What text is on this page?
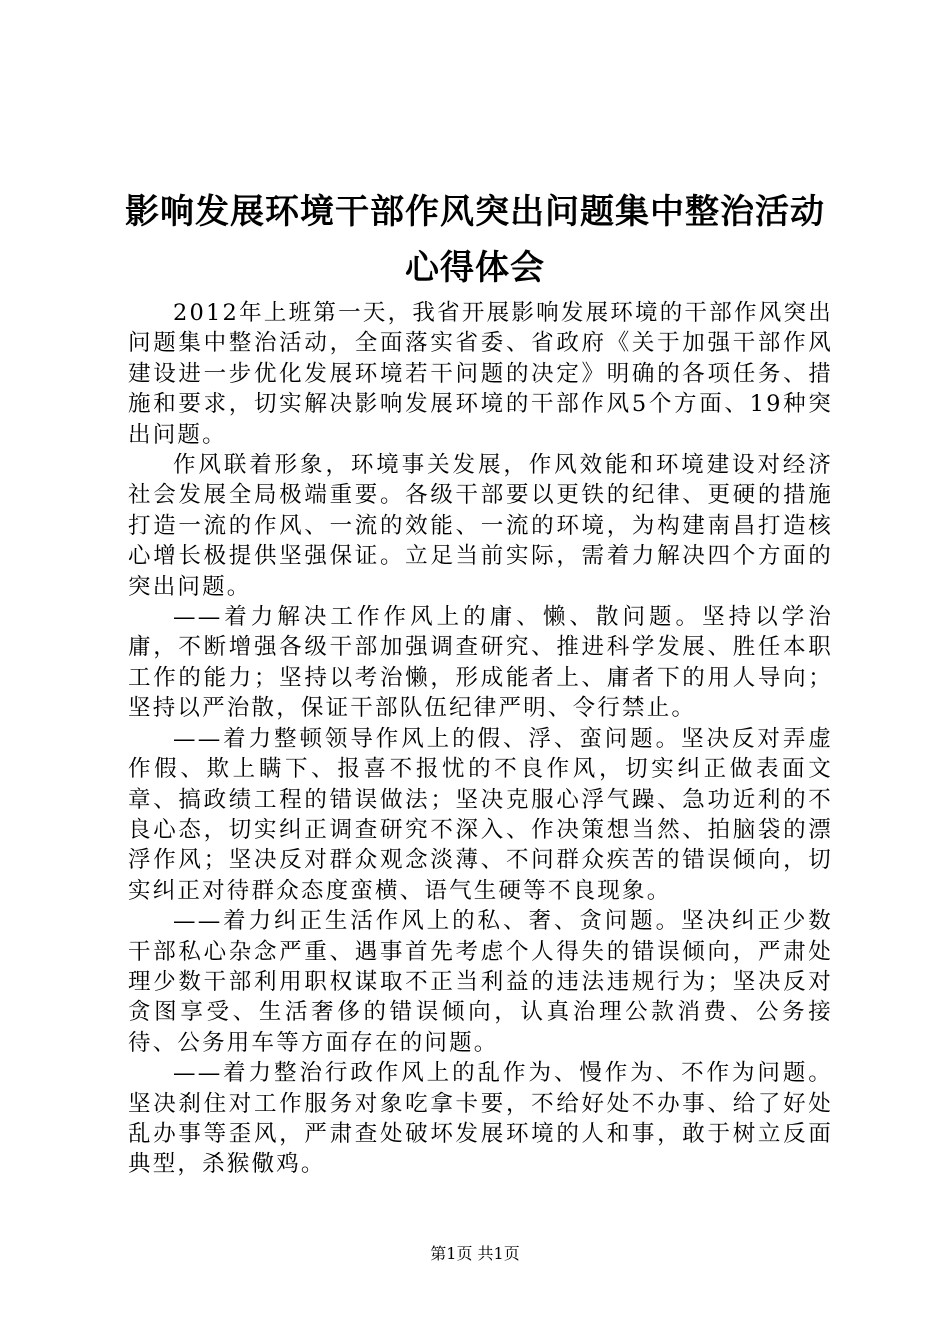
影响发展环境干部作风突出问题集中整治活动
心得体会

2012年上班第一天，我省开展影响发展环境的干部作风突出问题集中整治活动，全面落实省委、省政府《关于加强干部作风建设进一步优化发展环境若干问题的决定》明确的各项任务、措施和要求，切实解决影响发展环境的干部作风5个方面、19种突出问题。

作风联着形象，环境事关发展，作风效能和环境建设对经济社会发展全局极端重要。各级干部要以更铁的纪律、更硬的措施打造一流的作风、一流的效能、一流的环境，为构建南昌打造核心增长极提供坚强保证。立足当前实际，需着力解决四个方面的突出问题。

——着力解决工作作风上的庸、懒、散问题。坚持以学治庸，不断增强各级干部加强调查研究、推进科学发展、胜任本职工作的能力；坚持以考治懒，形成能者上、庸者下的用人导向；坚持以严治散，保证干部队伍纪律严明、令行禁止。

——着力整顿领导作风上的假、浮、蛮问题。坚决反对弄虚作假、欺上瞒下、报喜不报忧的不良作风，切实纠正做表面文章、搞政绩工程的错误做法；坚决克服心浮气躁、急功近利的不良心态，切实纠正调查研究不深入、作决策想当然、拍脑袋的漂浮作风；坚决反对群众观念淡薄、不问群众疾苦的错误倾向，切实纠正对待群众态度蛮横、语气生硬等不良现象。

——着力纠正生活作风上的私、奢、贪问题。坚决纠正少数干部私心杂念严重、遇事首先考虑个人得失的错误倾向，严肃处理少数干部利用职权谋取不正当利益的违法违规行为；坚决反对贪图享受、生活奢侈的错误倾向，认真治理公款消费、公务接待、公务用车等方面存在的问题。

——着力整治行政作风上的乱作为、慢作为、不作为问题。坚决刹住对工作服务对象吃拿卡要，不给好处不办事、给了好处乱办事等歪风，严肃查处破坏发展环境的人和事，敢于树立反面典型，杀猴儆鸡。

第1页 共1页
